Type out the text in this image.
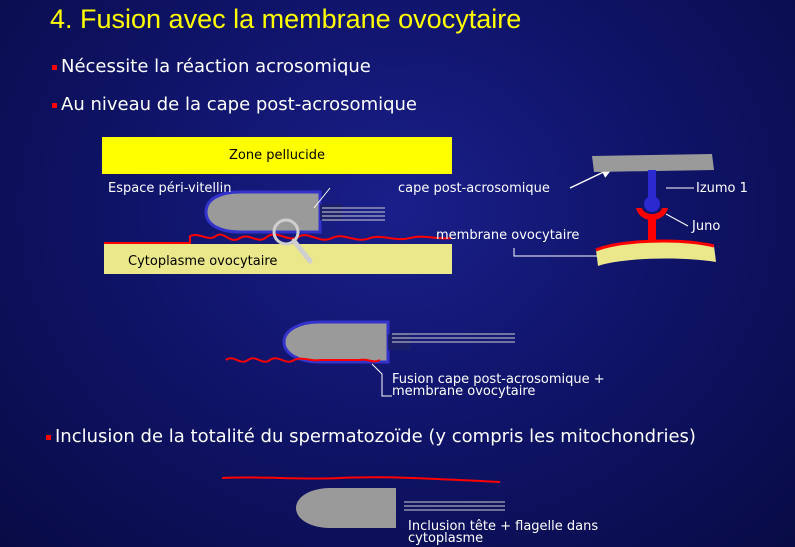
4. Fusion avec la membrane ovocytaire
Nécessite la réaction acrosomique
Au niveau de la cape post-acrosomique
Zone pellucide
Espace péri-vitellin	cape post-acrosomique
membrane ovocytaire
Cytoplasme ovocytaire
Izumo 1
Juno
Fusion cape post-acrosomique +
membrane ovocytaire
Inclusion de la totalité du spermatozoïde (y compris les mitochondries)
Inclusion tête + flagelle dans
cytoplasme
